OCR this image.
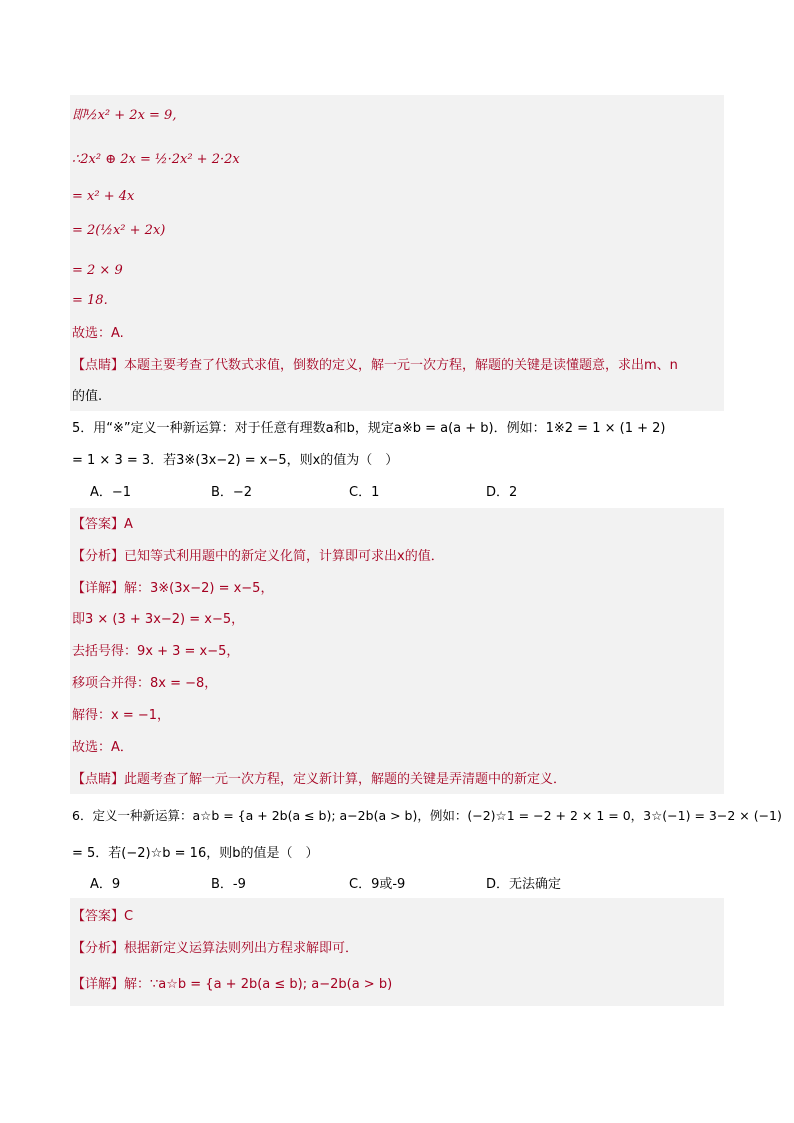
即½x² + 2x = 9,
∴2x² ⊕ 2x = ½·2x² + 2·2x
= x² + 4x
= 2(½x² + 2x)
= 2 × 9
= 18.
故选：A.
【点睛】本题主要考查了代数式求值，倒数的定义，解一元一次方程，解题的关键是读懂题意，求出m、n
的值.
5．用“※”定义一种新运算：对于任意有理数a和b，规定a※b = a(a + b)．例如：1※2 = 1 × (1 + 2)
= 1 × 3 = 3．若3※(3x−2) = x−5，则x的值为（　）
A．−1	B．−2	C．1	D．2
【答案】A
【分析】已知等式利用题中的新定义化简，计算即可求出x的值．
【详解】解：3※(3x−2) = x−5，
即3 × (3 + 3x−2) = x−5，
去括号得：9x + 3 = x−5，
移项合并得：8x = −8，
解得：x = −1，
故选：A．
【点睛】此题考查了解一元一次方程，定义新计算，解题的关键是弄清题中的新定义．
6．定义一种新运算：a☆b = {a + 2b(a ≤ b); a−2b(a > b)，例如：(−2)☆1 = −2 + 2 × 1 = 0，3☆(−1) = 3−2 × (−1)
= 5．若(−2)☆b = 16，则b的值是（　）
A．9	B．-9	C．9或-9	D．无法确定
【答案】C
【分析】根据新定义运算法则列出方程求解即可．
【详解】解：∵a☆b = {a + 2b(a ≤ b); a−2b(a > b)
